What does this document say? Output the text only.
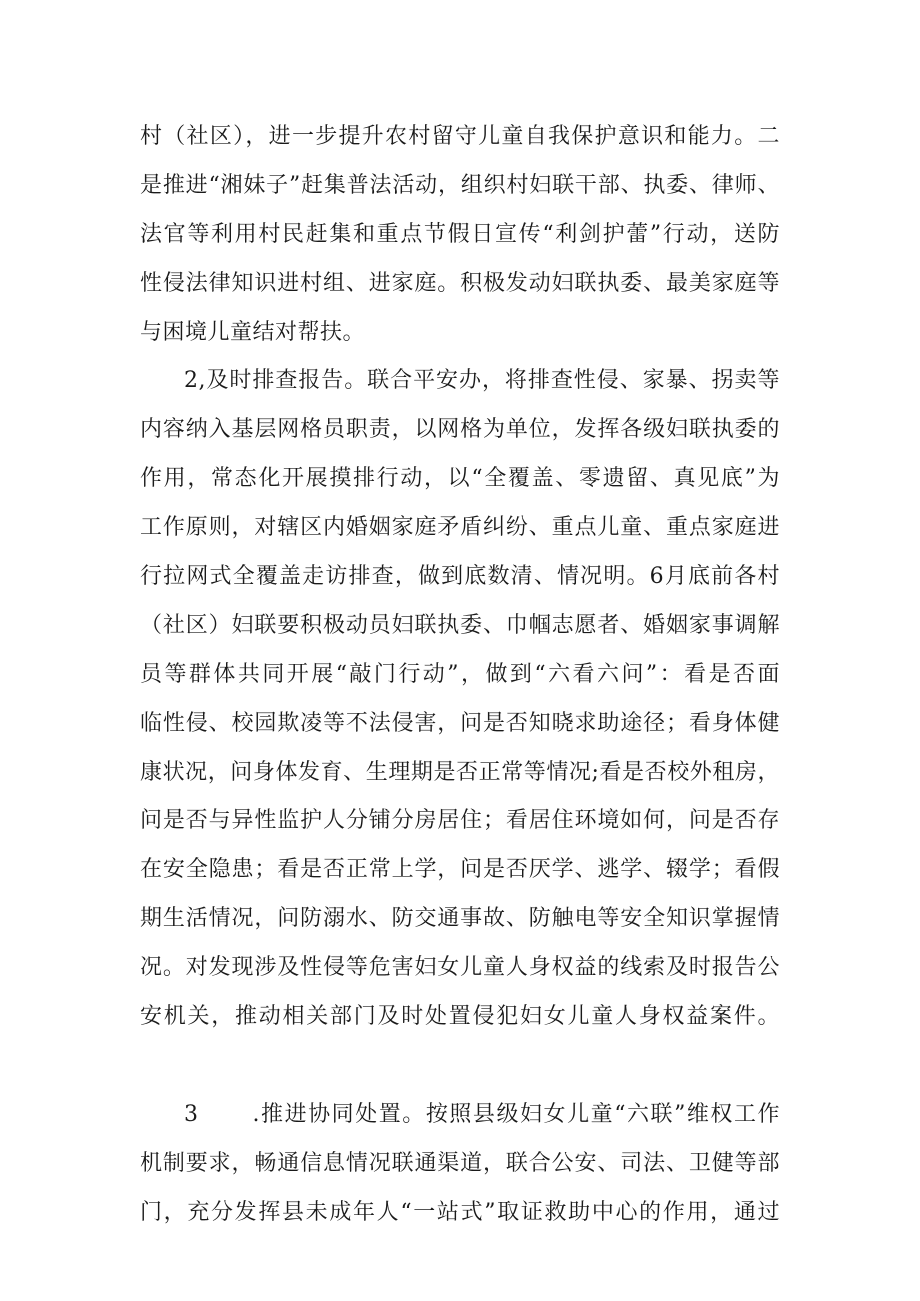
村（社区），进一步提升农村留守儿童自我保护意识和能力。二
是推进“湘妹子”赶集普法活动，组织村妇联干部、执委、律师、
法官等利用村民赶集和重点节假日宣传“利剑护蕾”行动，送防
性侵法律知识进村组、进家庭。积极发动妇联执委、最美家庭等
与困境儿童结对帮扶。
2,及时排查报告。联合平安办，将排查性侵、家暴、拐卖等
内容纳入基层网格员职责，以网格为单位，发挥各级妇联执委的
作用，常态化开展摸排行动，以“全覆盖、零遗留、真见底”为
工作原则，对辖区内婚姻家庭矛盾纠纷、重点儿童、重点家庭进
行拉网式全覆盖走访排查，做到底数清、情况明。6月底前各村
（社区）妇联要积极动员妇联执委、巾帼志愿者、婚姻家事调解
员等群体共同开展“敲门行动”，做到“六看六问”：看是否面
临性侵、校园欺凌等不法侵害，问是否知晓求助途径；看身体健
康状况，问身体发育、生理期是否正常等情况;看是否校外租房，
问是否与异性监护人分铺分房居住；看居住环境如何，问是否存
在安全隐患；看是否正常上学，问是否厌学、逃学、辍学；看假
期生活情况，问防溺水、防交通事故、防触电等安全知识掌握情
况。对发现涉及性侵等危害妇女儿童人身权益的线索及时报告公
安机关，推动相关部门及时处置侵犯妇女儿童人身权益案件。
3 .推进协同处置。按照县级妇女儿童“六联”维权工作
机制要求，畅通信息情况联通渠道，联合公安、司法、卫健等部
门，充分发挥县未成年人“一站式”取证救助中心的作用，通过
